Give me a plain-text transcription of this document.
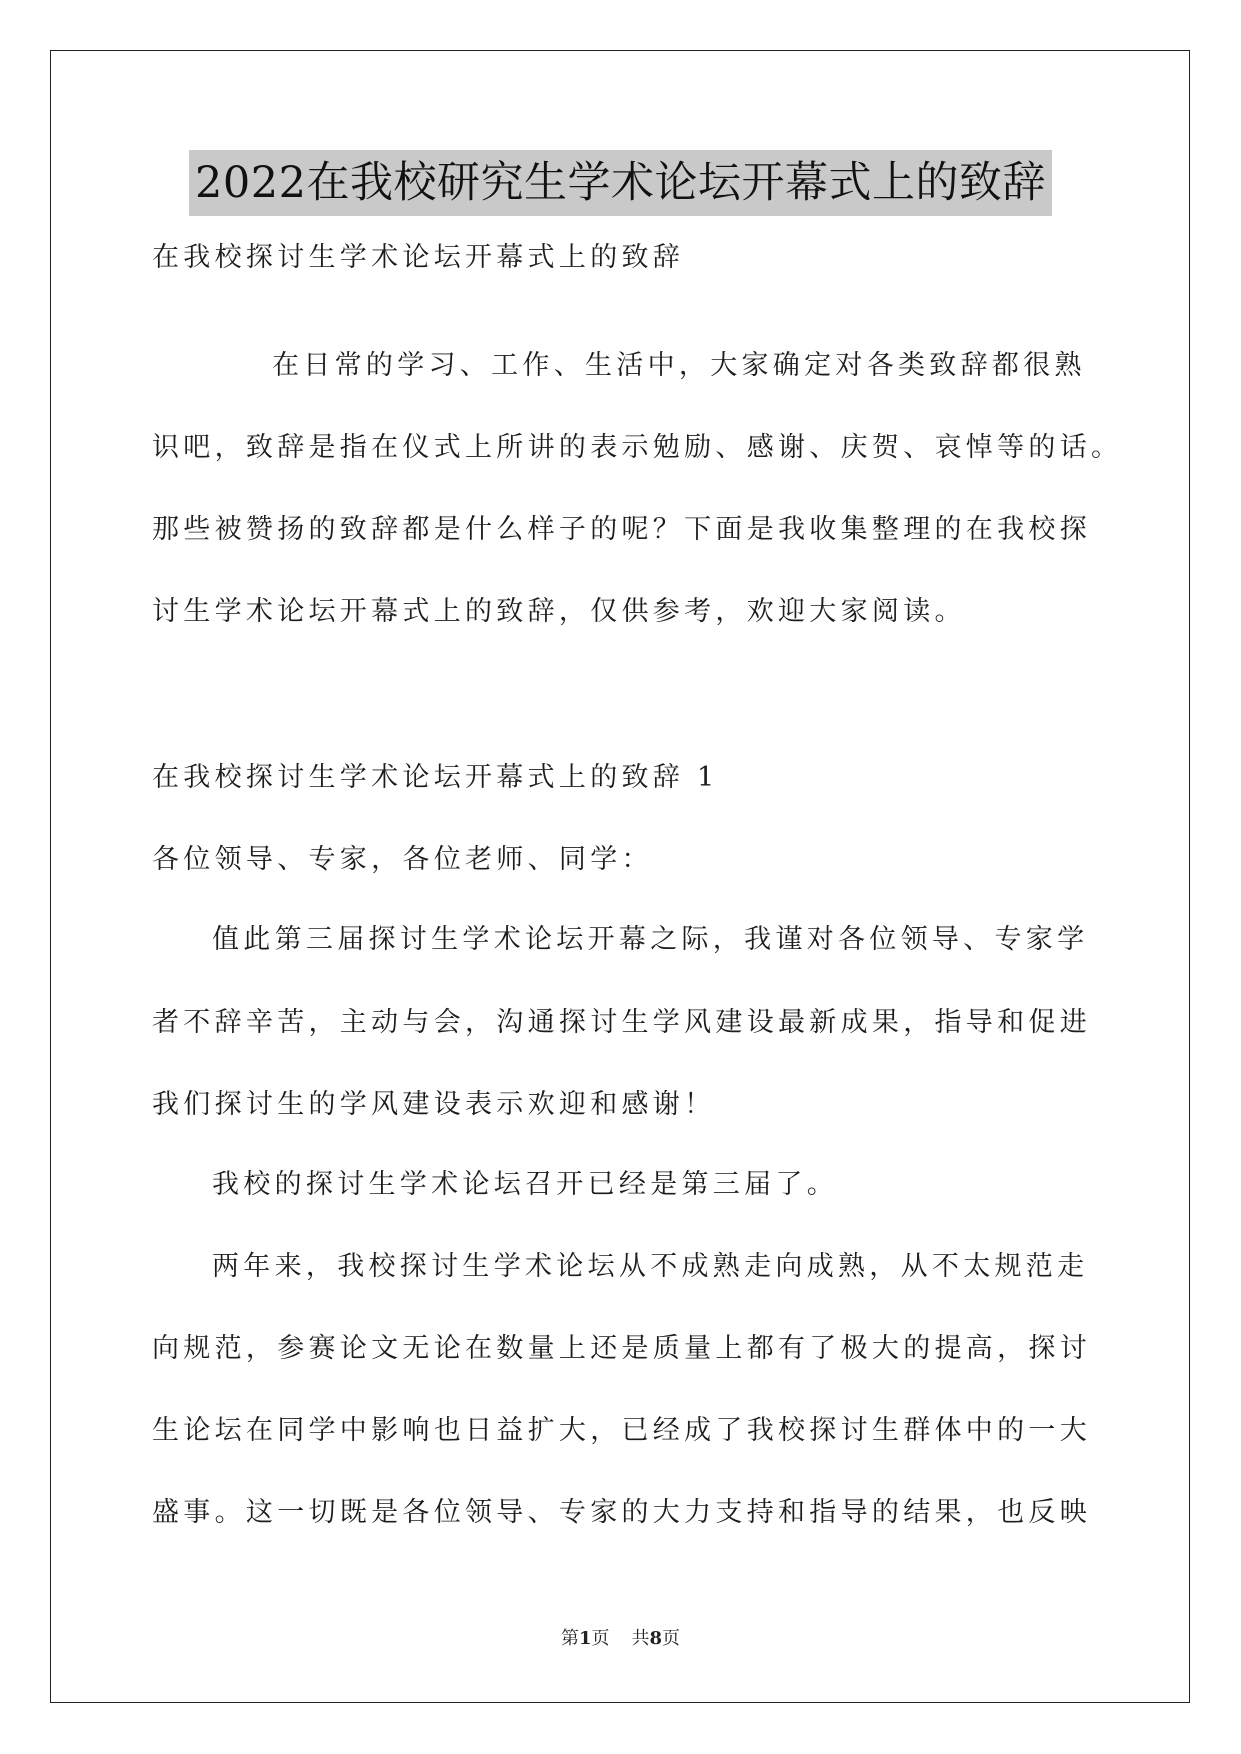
2022在我校研究生学术论坛开幕式上的致辞
在我校探讨生学术论坛开幕式上的致辞
在日常的学习、工作、生活中，大家确定对各类致辞都很熟
识吧，致辞是指在仪式上所讲的表示勉励、感谢、庆贺、哀悼等的话。
那些被赞扬的致辞都是什么样子的呢？下面是我收集整理的在我校探
讨生学术论坛开幕式上的致辞，仅供参考，欢迎大家阅读。
在我校探讨生学术论坛开幕式上的致辞 1
各位领导、专家，各位老师、同学：
值此第三届探讨生学术论坛开幕之际，我谨对各位领导、专家学
者不辞辛苦，主动与会，沟通探讨生学风建设最新成果，指导和促进
我们探讨生的学风建设表示欢迎和感谢！
我校的探讨生学术论坛召开已经是第三届了。
两年来，我校探讨生学术论坛从不成熟走向成熟，从不太规范走
向规范，参赛论文无论在数量上还是质量上都有了极大的提高，探讨
生论坛在同学中影响也日益扩大，已经成了我校探讨生群体中的一大
盛事。这一切既是各位领导、专家的大力支持和指导的结果，也反映
第1页 共8页
